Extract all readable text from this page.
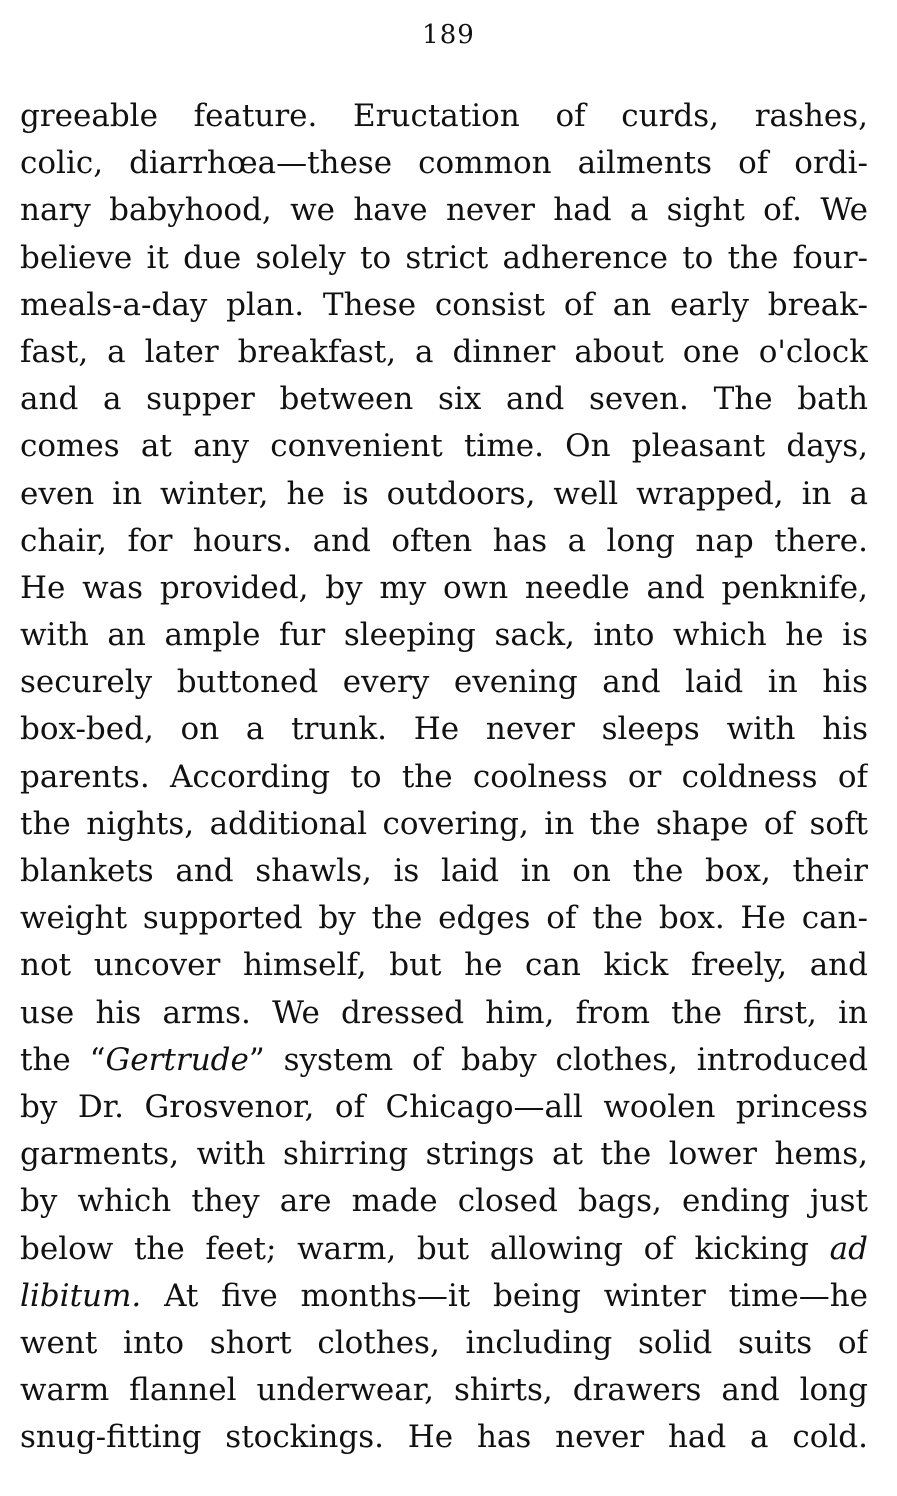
189
greeable feature. Eructation of curds, rashes,
colic, diarrhœa—these common ailments of ordi-
nary babyhood, we have never had a sight of. We
believe it due solely to strict adherence to the four-
meals-a-day plan. These consist of an early break-
fast, a later breakfast, a dinner about one o'clock
and a supper between six and seven. The bath
comes at any convenient time. On pleasant days,
even in winter, he is outdoors, well wrapped, in a
chair, for hours. and often has a long nap there.
He was provided, by my own needle and penknife,
with an ample fur sleeping sack, into which he is
securely buttoned every evening and laid in his
box-bed, on a trunk. He never sleeps with his
parents. According to the coolness or coldness of
the nights, additional covering, in the shape of soft
blankets and shawls, is laid in on the box, their
weight supported by the edges of the box. He can-
not uncover himself, but he can kick freely, and
use his arms. We dressed him, from the first, in
the “Gertrude” system of baby clothes, introduced
by Dr. Grosvenor, of Chicago—all woolen princess
garments, with shirring strings at the lower hems,
by which they are made closed bags, ending just
below the feet; warm, but allowing of kicking ad
libitum. At five months—it being winter time—he
went into short clothes, including solid suits of
warm flannel underwear, shirts, drawers and long
snug-fitting stockings. He has never had a cold.
